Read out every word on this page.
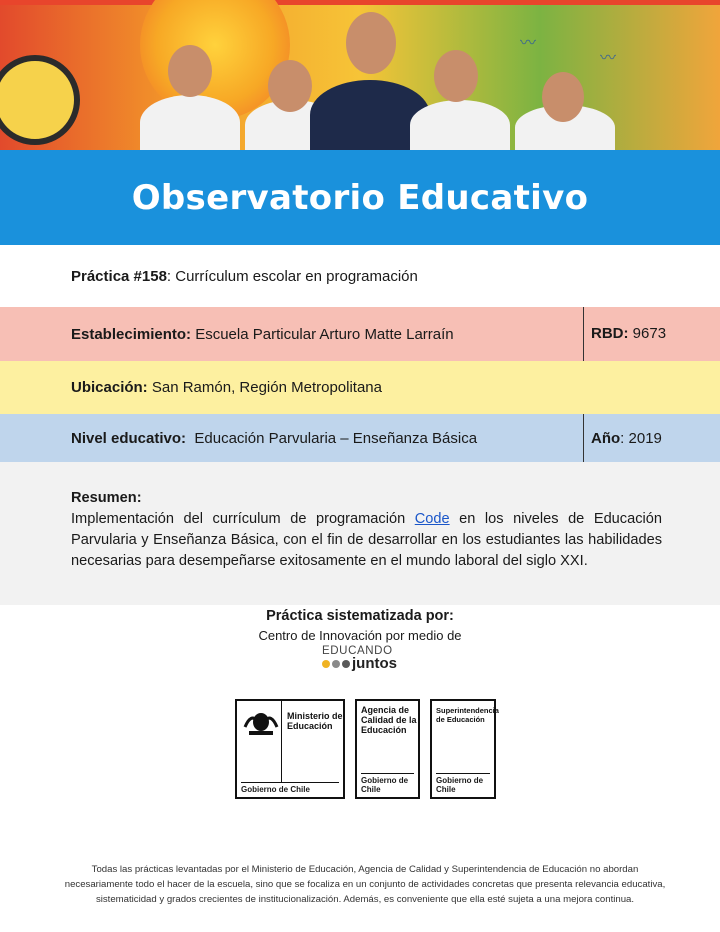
〰
〰
Observatorio Educativo
Práctica #158 : Currículum escolar en programación
Establecimiento: Escuela Particular Arturo Matte Larraín	RBD: 9673
Ubicación: San Ramón, Región Metropolitana
Nivel educativo: Educación Parvularia – Enseñanza Básica	Año : 2019
Resumen:

Implementación del currículum de programación Code en los niveles de Educación Parvularia y Enseñanza Básica, con el fin de desarrollar en los estudiantes las habilidades necesarias para desempeñarse exitosamente en el mundo laboral del siglo XXI.

Práctica sistematizada por:
Centro de Innovación por medio de
EDUCANDO
juntos
Ministerio de Educación
Gobierno de Chile
Agencia de Calidad de la Educación
Gobierno de Chile
Superintendencia de Educación
Gobierno de Chile
Todas las prácticas levantadas por el Ministerio de Educación, Agencia de Calidad y Superintendencia de Educación no abordan necesariamente todo el hacer de la escuela, sino que se focaliza en un conjunto de actividades concretas que presenta relevancia educativa, sistematicidad y grados crecientes de institucionalización. Además, es conveniente que ella esté sujeta a una mejora continua.
